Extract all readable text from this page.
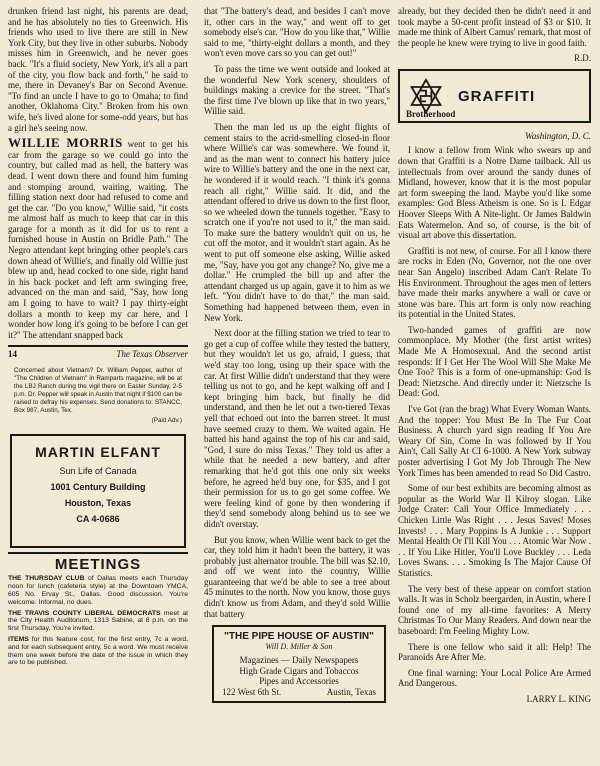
drunken friend last night, his parents are dead, and he has absolutely no ties to Greenwich. His friends who used to live there are still in New York City, but they live in other suburbs. Nobody misses him in Greenwich, and he never goes back. "It's a fluid society, New York, it's all a part of the city, you flow back and forth," he said to me, there in Devaney's Bar on Second Avenue. "To find an uncle I have to go to Omaha; to find another, Oklahoma City." Broken from his own wife, he's lived alone for some-odd years, but has a girl he's seeing now.

WILLIE MORRIS went to get his car from the garage so we could go into the country, but called mad as hell, the battery was dead. I went down there and found him fuming and stomping around, waiting, waiting. The filling station next door had refused to come and get the car. "Do you know," Willie said, "it costs me almost half as much to keep that car in this garage for a month as it did for us to rent a furnished house in Austin on Bridle Path." The Negro attendant kept bringing other people's cars down ahead of Willie's, and finally old Willie just blew up and, head cocked to one side, right hand in his back pocket and left arm swinging free, advanced on the man and said, "Say, how long am I going to have to wait? I pay thirty-eight dollars a month to keep my car here, and I wonder how long it's going to be before I can get it?" The attendant snapped back

14	The Texas Observer
Concerned about Vietnam? Dr. William Pepper, author of "The Children of Vietnam" in Ramparts magazine, will be at the LBJ Ranch during the vigil there on Easter Sunday, 2-5 p.m. Dr. Pepper will speak in Austin that night if $100 can be raised to defray his expenses. Send donations to: STANCC, Box 987, Austin, Tex.
(Paid Adv.)
MARTIN ELFANT
Sun Life of Canada
1001 Century Building
Houston, Texas
CA 4-0686
MEETINGS
THE THURSDAY CLUB of Dallas meets each Thursday noon for lunch (cafeteria style) at the Downtown YMCA, 605 No. Ervay St., Dallas. Good discussion. You're welcome. Informal, no dues.
THE TRAVIS COUNTY LIBERAL DEMOCRATS meet at the City Health Auditorium, 1313 Sabine, at 8 p.m. on the first Thursday. You're invited.
ITEMS for this feature cost, for the first entry, 7c a word, and for each subsequent entry, 5c a word. We must receive them one week before the date of the issue in which they are to be published.

that "The battery's dead, and besides I can't move it, other cars in the way," and went off to get somebody else's car. "How do you like that," Willie said to me, "thirty-eight dollars a month, and they won't even move cars so you can get out!"

To pass the time we went outside and looked at the wonderful New York scenery, shoulders of buildings making a crevice for the street. "That's the first time I've blown up like that in two years," Willie said.

Then the man led us up the eight flights of cement stairs to the acrid-smelling closed-in floor where Willie's car was somewhere. We found it, and as the man went to connect his battery juice wire to Willie's battery and the one in the next car, he wondered if it would reach. "I think it's gonna reach all right," Willie said. It did, and the attendant offered to drive us down to the first floor, so we wheeled down the tunnels together. "Easy to scratch one if you're not used to it," the man said. To make sure the battery wouldn't quit on us, he cut off the motor, and it wouldn't start again. As he went to put off someone else asking, Willie asked me, "Say, have you got any change? No, give me a dollar." He crumpled the bill up and after the attendant charged us up again, gave it to him as we left. "You didn't have to do that," the man said. Something had happened between them, even in New York.

Next door at the filling station we tried to tear to go get a cup of coffee while they tested the battery, but they wouldn't let us go, afraid, I guess, that we'd stay too long, using up their space with the car. At first Willie didn't understand that they were telling us not to go, and he kept walking off and I kept bringing him back, but finally he did understand, and then he let out a two-tiered Texas yell that echoed out into the barren street. It must have seemed crazy to them. We waited again. He batted his hand against the top of his car and said, "God, I sure do miss Texas." They told us after a while that he needed a new battery, and after remarking that he'd got this one only six weeks before, he agreed he'd buy one, for $35, and I got their permission for us to go get some coffee. We were feeling kind of gone by then wondering if they'd send somebody along behind us to see we didn't overstay.

But you know, when Willie went back to get the car, they told him it hadn't been the battery, it was probably just alternator trouble. The bill was $2.10, and off we went into the country, Willie guaranteeing that we'd be able to see a tree about 45 minutes to the north. Now you know, those guys didn't know us from Adam, and they'd sold Willie that battery

"THE PIPE HOUSE OF AUSTIN"
Will D. Miller & Son
Magazines — Daily Newspapers
High Grade Cigars and Tobaccos
Pipes and Accessories
122 West 6th St.	Austin, Texas

already, but they decided then he didn't need it and took maybe a 50-cent profit instead of $3 or $10. It made me think of Albert Camus' remark, that most of the people he knew were trying to live in good faith.

R.D.
GRAFFITI
Brotherhood
Washington, D. C.

I know a fellow from Wink who swears up and down that Graffiti is a Notre Dame tailback. All us intellectuals from over around the sandy dunes of Midland, however, know that it is the most popular art form sweeping the land. Maybe you'd like some examples: God Bless Atheism is one. So is I. Edgar Hoover Sleeps With A Nite-light. Or James Baldwin Eats Watermelon. And so, of course, is the bit of visual art above this dissertation.

Graffiti is not new, of course. For all I know there are rocks in Eden (No, Governor, not the one over near San Angelo) inscribed Adam Can't Relate To His Environment. Throughout the ages men of letters have made their marks anywhere a wall or cave or stone was bare. This art form is only now reaching its potential in the United States.

Two-handed games of graffiti are now commonplace. My Mother (the first artist writes) Made Me A Homosexual. And the second artist responds: If I Get Her The Wool Will She Make Me One Too? This is a form of one-upmanship: God Is Dead: Nietzsche. And directly under it: Nietzsche Is Dead: God.

I've Got (ran the brag) What Every Woman Wants. And the topper: You Must Be In The Fur Coat Business. A church yard sign reading If You Are Weary Of Sin, Come In was followed by If You Ain't, Call Sally At CI 6-1000. A New York subway poster advertising I Got My Job Through The New York Times has been amended to read So Did Castro.

Some of our best exhibits are becoming almost as popular as the World War II Kilroy slogan. Like Judge Crater: Call Your Office Immediately . . . Chicken Little Was Right . . . Jesus Saves! Moses Invests! . . . Mary Poppins Is A Junkie . . . Support Mental Health Or I'll Kill You . . . Atomic War Now . . . If You Like Hitler, You'll Love Buckley . . . Leda Loves Swans. . . . Smoking Is The Major Cause Of Statistics.

The very best of these appear on comfort station walls. It was in Scholz beergarden, in Austin, where I found one of my all-time favorites: A Merry Christmas To Our Many Readers. And down near the baseboard: I'm Feeling Mighty Low.

There is one fellow who said it all: Help! The Paranoids Are After Me.

One final warning: Your Local Police Are Armed And Dangerous.

LARRY L. KING
